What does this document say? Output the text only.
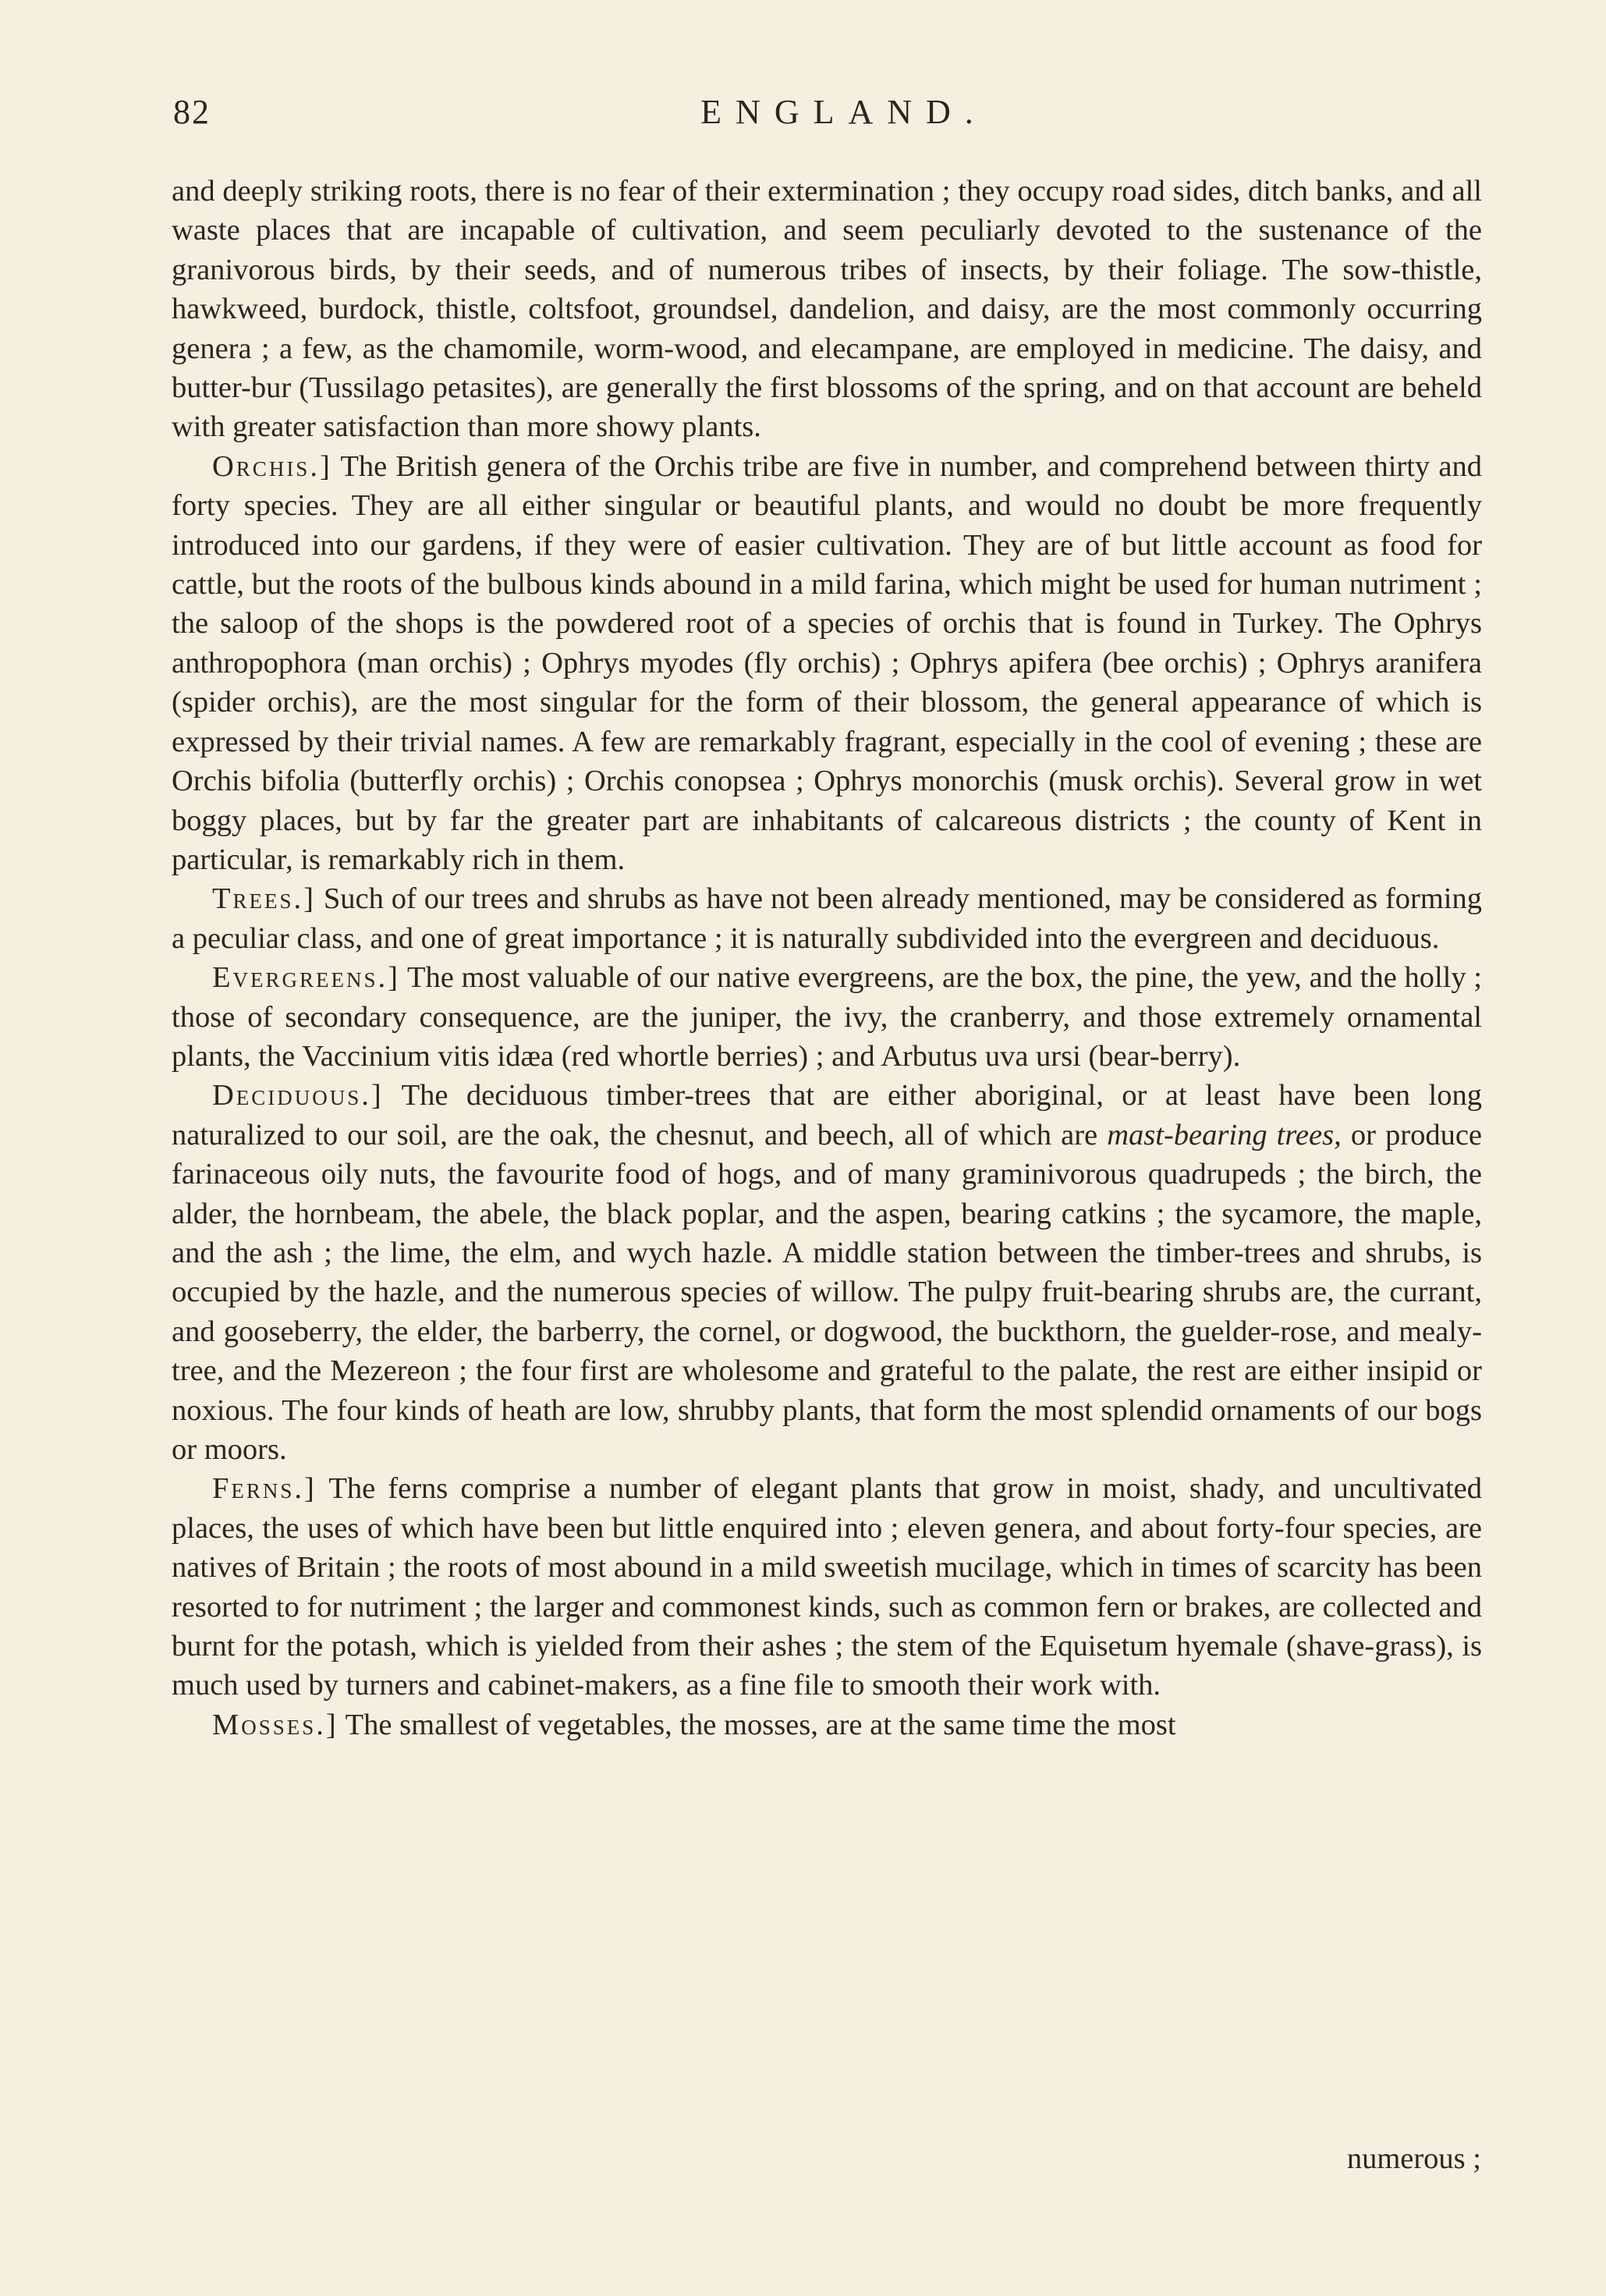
82	ENGLAND.

and deeply striking roots, there is no fear of their extermination ; they occupy road sides, ditch banks, and all waste places that are incapable of cultivation, and seem peculiarly devoted to the sustenance of the granivorous birds, by their seeds, and of numerous tribes of insects, by their foliage. The sow-thistle, hawkweed, burdock, thistle, coltsfoot, groundsel, dandelion, and daisy, are the most commonly occurring genera ; a few, as the chamomile, worm-wood, and elecampane, are employed in medicine. The daisy, and butter-bur (Tussilago petasites), are generally the first blossoms of the spring, and on that account are beheld with greater satisfaction than more showy plants.

Orchis.] The British genera of the Orchis tribe are five in number, and comprehend between thirty and forty species. They are all either singular or beautiful plants, and would no doubt be more frequently introduced into our gardens, if they were of easier cultivation. They are of but little account as food for cattle, but the roots of the bulbous kinds abound in a mild farina, which might be used for human nutriment ; the saloop of the shops is the powdered root of a species of orchis that is found in Turkey. The Ophrys anthropophora (man orchis) ; Ophrys myodes (fly orchis) ; Ophrys apifera (bee orchis) ; Ophrys aranifera (spider orchis), are the most singular for the form of their blossom, the general appearance of which is expressed by their trivial names. A few are remarkably fragrant, especially in the cool of evening ; these are Orchis bifolia (butterfly orchis) ; Orchis conopsea ; Ophrys monorchis (musk orchis). Several grow in wet boggy places, but by far the greater part are inhabitants of calcareous districts ; the county of Kent in particular, is remarkably rich in them.

Trees.] Such of our trees and shrubs as have not been already mentioned, may be considered as forming a peculiar class, and one of great importance ; it is naturally subdivided into the evergreen and deciduous.

Evergreens.] The most valuable of our native evergreens, are the box, the pine, the yew, and the holly ; those of secondary consequence, are the juniper, the ivy, the cranberry, and those extremely ornamental plants, the Vaccinium vitis idæa (red whortle berries) ; and Arbutus uva ursi (bear-berry).

Deciduous.] The deciduous timber-trees that are either aboriginal, or at least have been long naturalized to our soil, are the oak, the chesnut, and beech, all of which are mast-bearing trees, or produce farinaceous oily nuts, the favourite food of hogs, and of many graminivorous quadrupeds ; the birch, the alder, the hornbeam, the abele, the black poplar, and the aspen, bearing catkins ; the sycamore, the maple, and the ash ; the lime, the elm, and wych hazle. A middle station between the timber-trees and shrubs, is occupied by the hazle, and the numerous species of willow. The pulpy fruit-bearing shrubs are, the currant, and gooseberry, the elder, the barberry, the cornel, or dogwood, the buckthorn, the guelder-rose, and mealy-tree, and the Mezereon ; the four first are wholesome and grateful to the palate, the rest are either insipid or noxious. The four kinds of heath are low, shrubby plants, that form the most splendid ornaments of our bogs or moors.

Ferns.] The ferns comprise a number of elegant plants that grow in moist, shady, and uncultivated places, the uses of which have been but little enquired into ; eleven genera, and about forty-four species, are natives of Britain ; the roots of most abound in a mild sweetish mucilage, which in times of scarcity has been resorted to for nutriment ; the larger and commonest kinds, such as common fern or brakes, are collected and burnt for the potash, which is yielded from their ashes ; the stem of the Equisetum hyemale (shave-grass), is much used by turners and cabinet-makers, as a fine file to smooth their work with.

Mosses.] The smallest of vegetables, the mosses, are at the same time the most

numerous ;
